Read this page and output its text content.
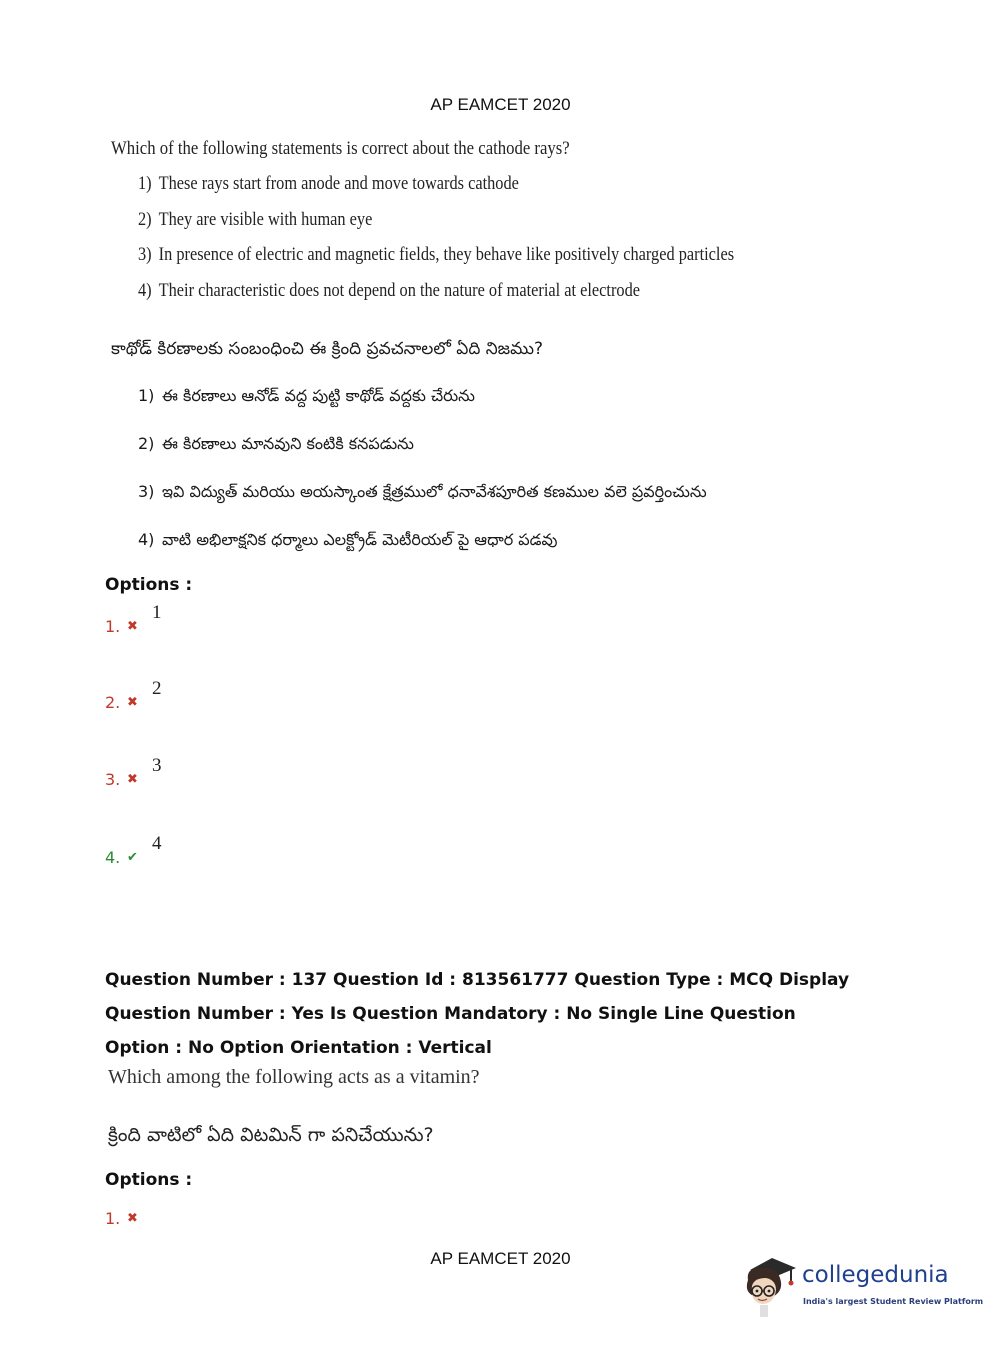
AP EAMCET 2020
Which of the following statements is correct about the cathode rays?
1) These rays start from anode and move towards cathode
2) They are visible with human eye
3) In presence of electric and magnetic fields, they behave like positively charged particles
4) Their characteristic does not depend on the nature of material at electrode
కాథోడ్ కిరణాలకు సంబంధించి ఈ క్రింది ప్రవచనాలలో ఏది నిజము?
1) ఈ కిరణాలు ఆనోడ్ వద్ద పుట్టి కాథోడ్ వద్దకు చేరును
2) ఈ కిరణాలు మానవుని కంటికి కనపడును
3) ఇవి విద్యుత్ మరియు అయస్కాంత క్షేత్రములో ధనావేశపూరిత కణముల వలె ప్రవర్తించును
4) వాటి అభిలాక్షనిక ధర్మాలు ఎలక్ట్రోడ్ మెటీరియల్ పై ఆధార పడవు
Options :
1. ✖
1
2. ✖
2
3. ✖
3
4. ✔
4
Question Number : 137 Question Id : 813561777 Question Type : MCQ Display Question Number : Yes Is Question Mandatory : No Single Line Question Option : No Option Orientation : Vertical
Which among the following acts as a vitamin?
క్రింది వాటిలో ఏది విటమిన్ గా పనిచేయును?
Options :
1. ✖
AP EAMCET 2020
collegedunia
India's largest Student Review Platform
